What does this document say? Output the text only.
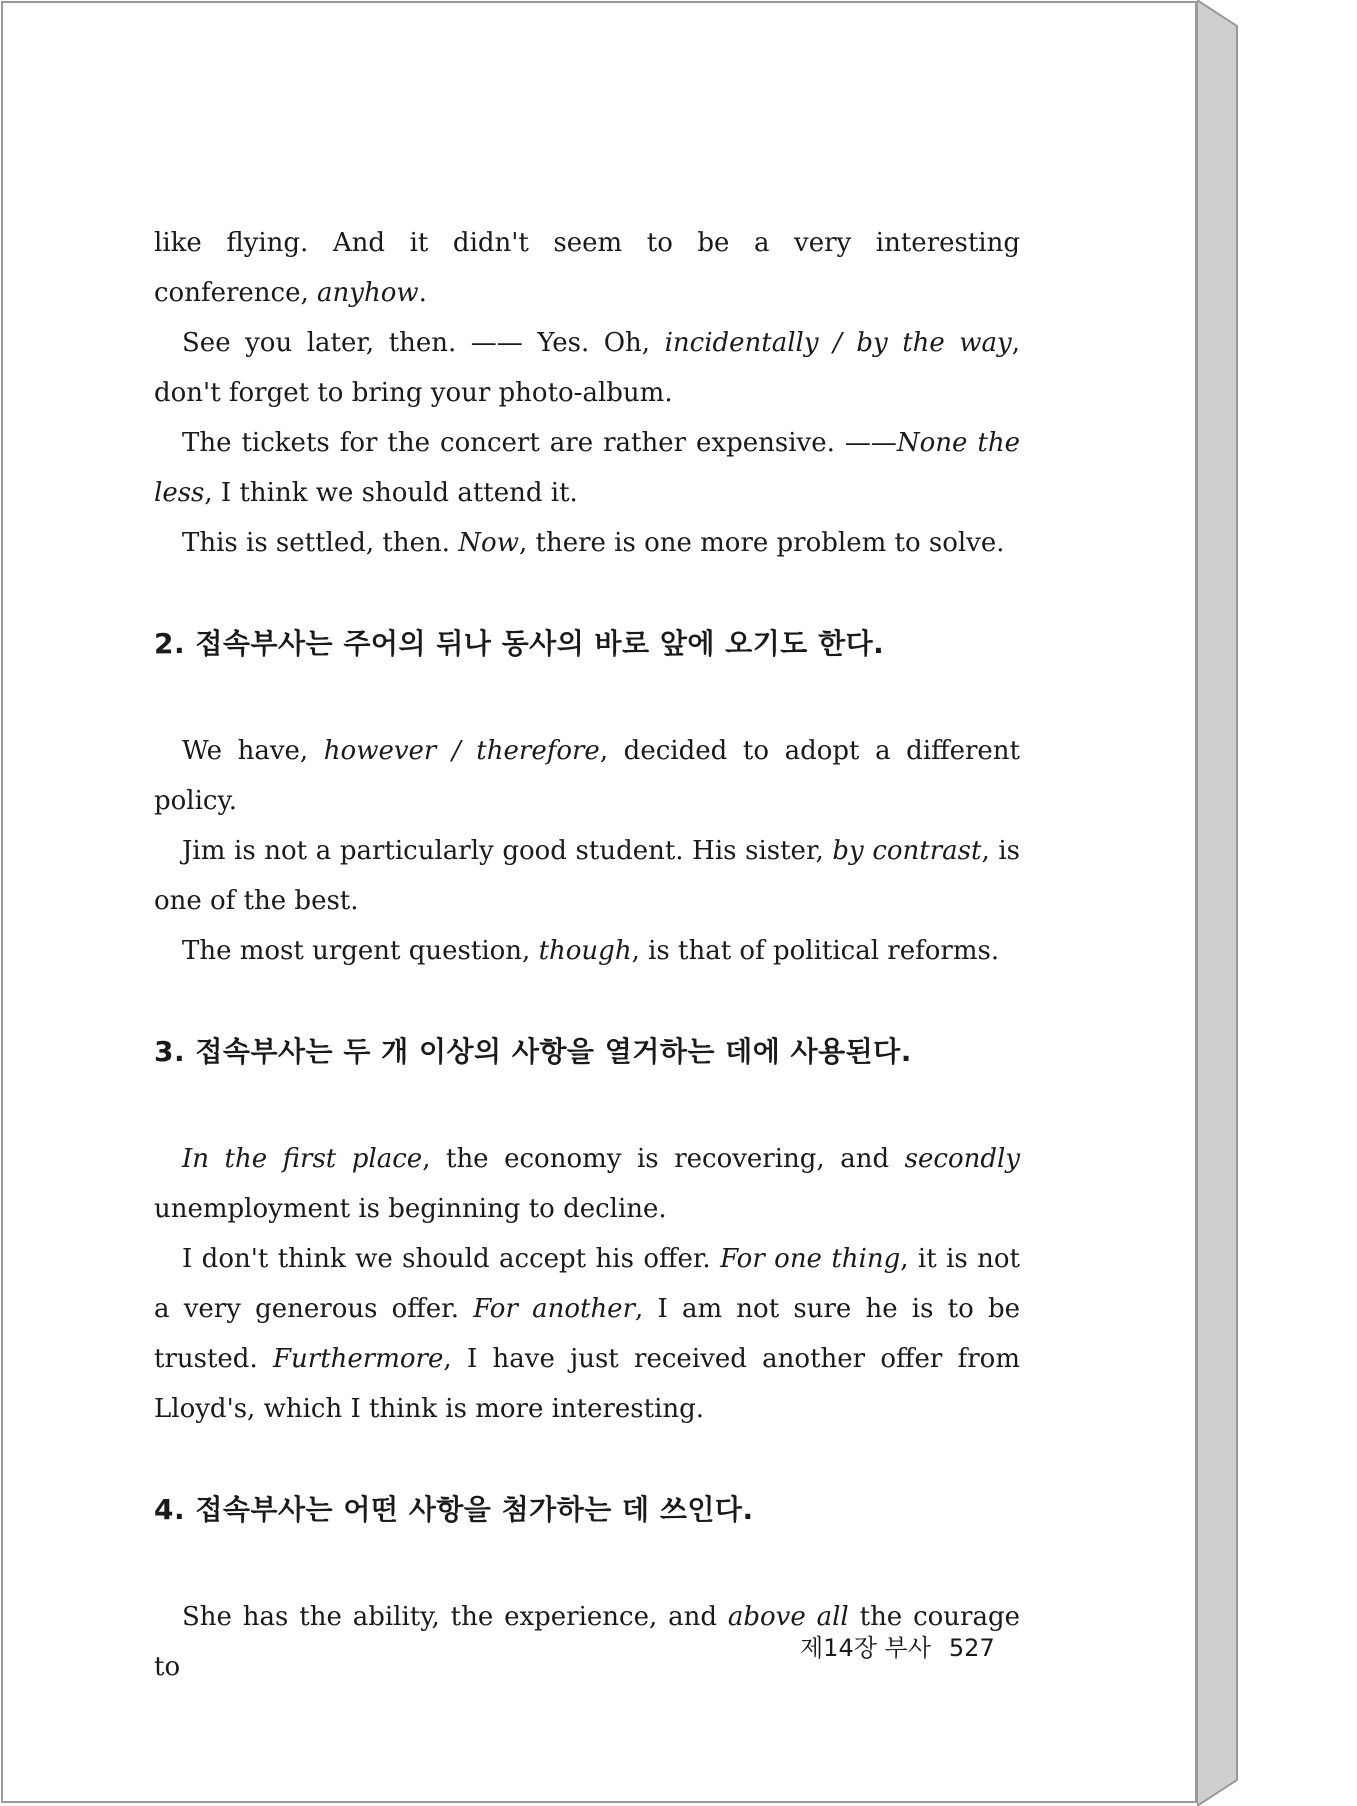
like flying. And it didn't seem to be a very interesting conference, anyhow.

See you later, then. —— Yes. Oh, incidentally / by the way, don't forget to bring your photo-album.

The tickets for the concert are rather expensive. ——None the less, I think we should attend it.

This is settled, then. Now, there is one more problem to solve.

2. 접속부사는 주어의 뒤나 동사의 바로 앞에 오기도 한다.

We have, however / therefore, decided to adopt a different policy.

Jim is not a particularly good student. His sister, by contrast, is one of the best.

The most urgent question, though, is that of political reforms.

3. 접속부사는 두 개 이상의 사항을 열거하는 데에 사용된다.

In the first place, the economy is recovering, and secondly unemployment is beginning to decline.

I don't think we should accept his offer. For one thing, it is not a very generous offer. For another, I am not sure he is to be trusted. Furthermore, I have just received another offer from Lloyd's, which I think is more interesting.

4. 접속부사는 어떤 사항을 첨가하는 데 쓰인다.

She has the ability, the experience, and above all the courage to

제14장 부사 527
